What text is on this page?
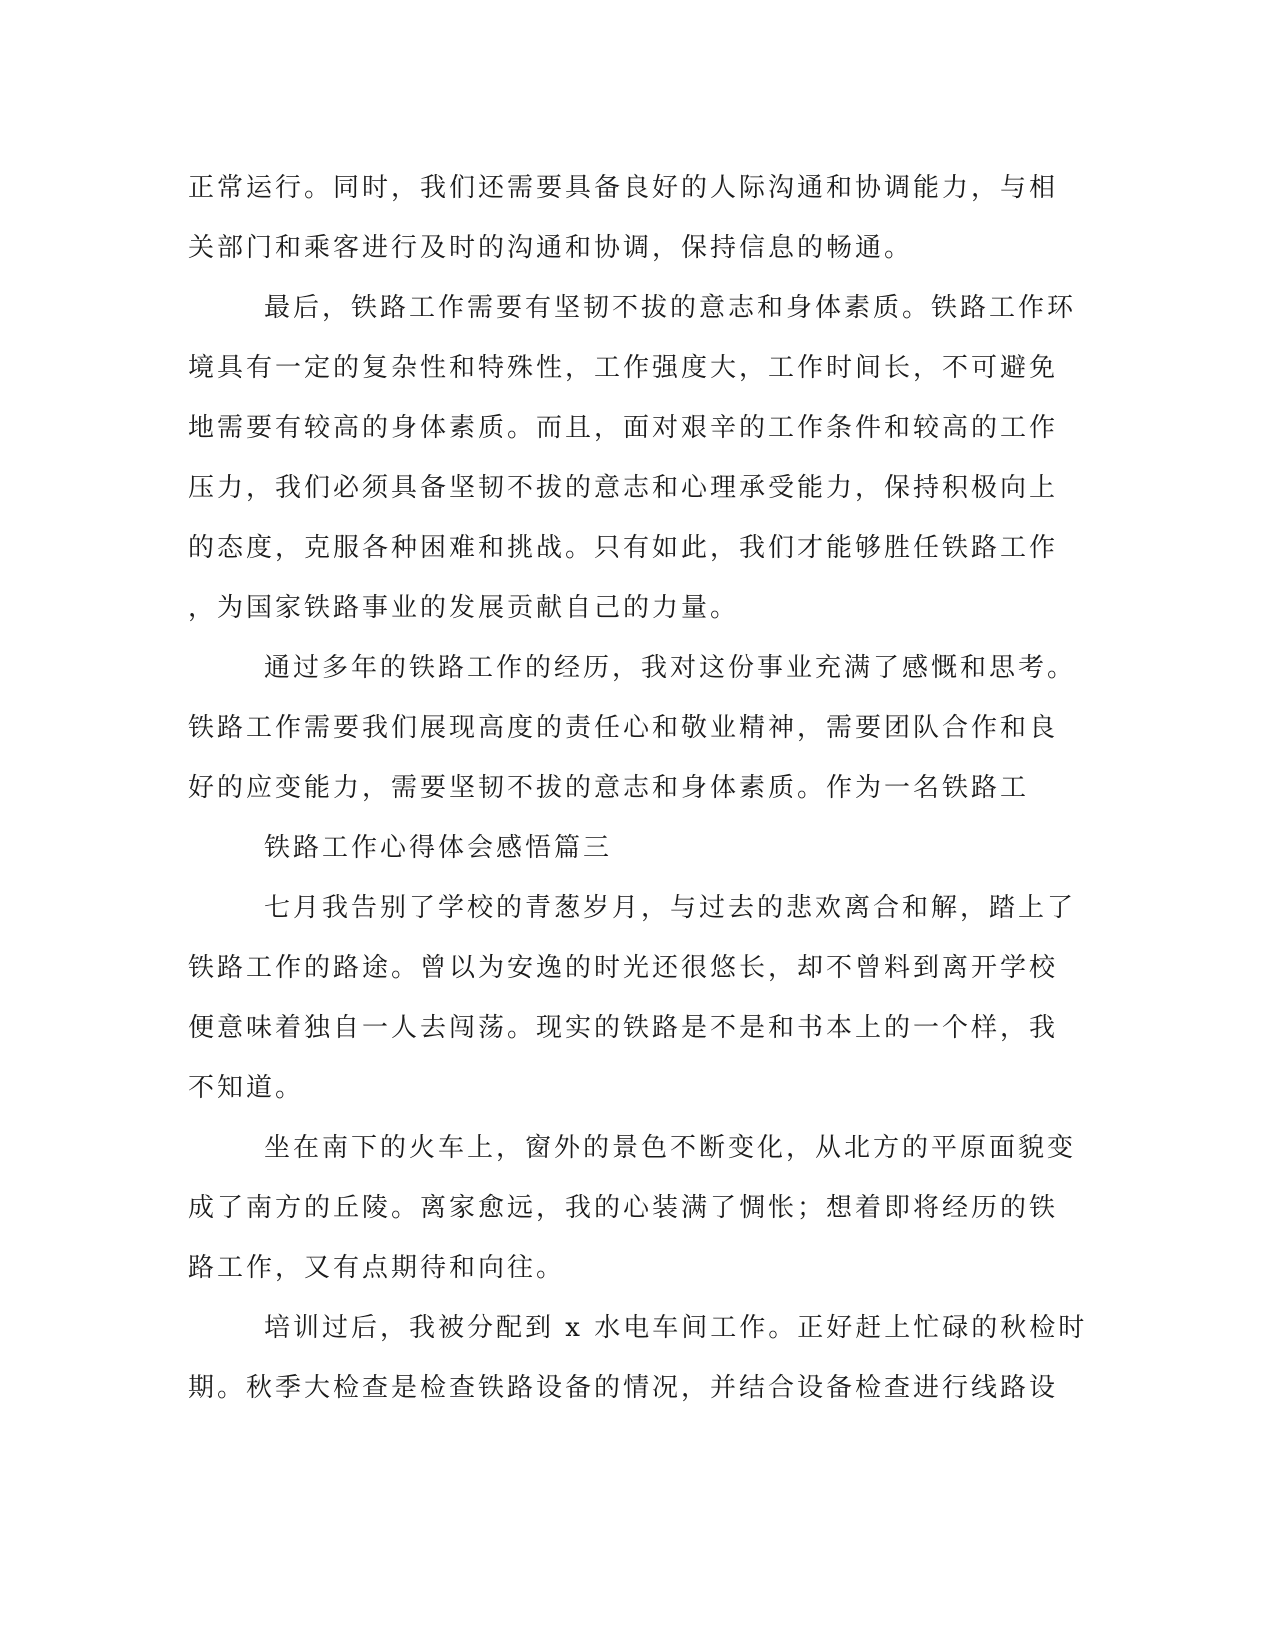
正常运行。同时，我们还需要具备良好的人际沟通和协调能力，与相
关部门和乘客进行及时的沟通和协调，保持信息的畅通。
最后，铁路工作需要有坚韧不拔的意志和身体素质。铁路工作环
境具有一定的复杂性和特殊性，工作强度大，工作时间长，不可避免
地需要有较高的身体素质。而且，面对艰辛的工作条件和较高的工作
压力，我们必须具备坚韧不拔的意志和心理承受能力，保持积极向上
的态度，克服各种困难和挑战。只有如此，我们才能够胜任铁路工作
，为国家铁路事业的发展贡献自己的力量。
通过多年的铁路工作的经历，我对这份事业充满了感慨和思考。
铁路工作需要我们展现高度的责任心和敬业精神，需要团队合作和良
好的应变能力，需要坚韧不拔的意志和身体素质。作为一名铁路工
铁路工作心得体会感悟篇三
七月我告别了学校的青葱岁月，与过去的悲欢离合和解，踏上了
铁路工作的路途。曾以为安逸的时光还很悠长，却不曾料到离开学校
便意味着独自一人去闯荡。现实的铁路是不是和书本上的一个样，我
不知道。
坐在南下的火车上，窗外的景色不断变化，从北方的平原面貌变
成了南方的丘陵。离家愈远，我的心装满了惆怅；想着即将经历的铁
路工作，又有点期待和向往。
培训过后，我被分配到 x 水电车间工作。正好赶上忙碌的秋检时
期。秋季大检查是检查铁路设备的情况，并结合设备检查进行线路设
